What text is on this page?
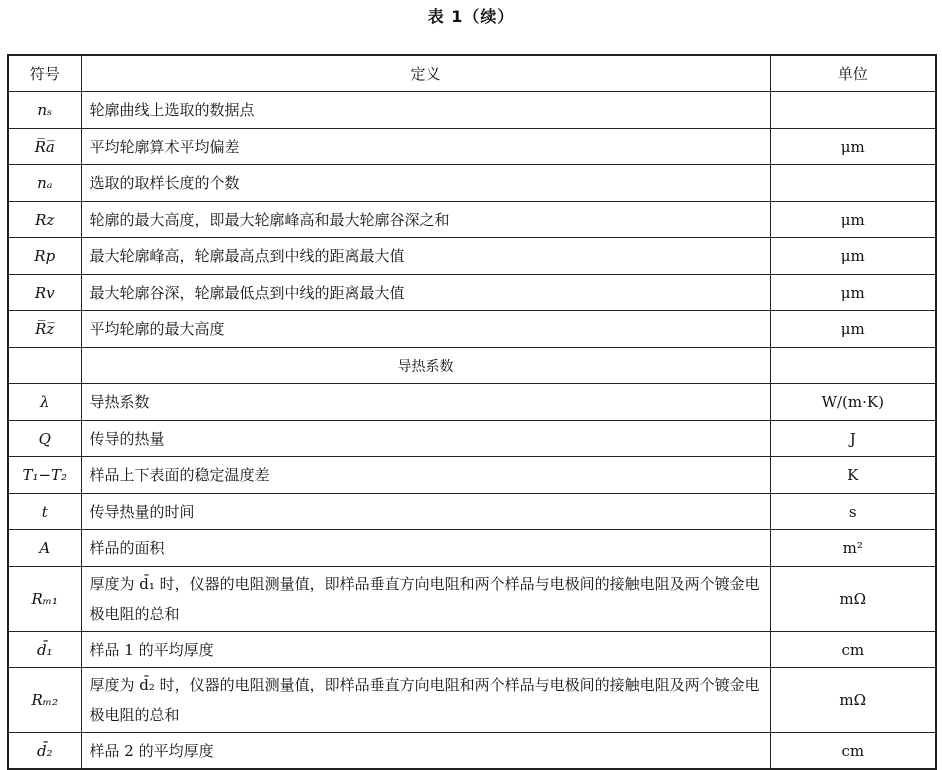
表 1（续）
符号	定义	单位
nₛ	轮廓曲线上选取的数据点	
R̅a̅	平均轮廓算术平均偏差	μm
nₐ	选取的取样长度的个数	
Rz	轮廓的最大高度，即最大轮廓峰高和最大轮廓谷深之和	μm
Rp	最大轮廓峰高，轮廓最高点到中线的距离最大值	μm
Rv	最大轮廓谷深，轮廓最低点到中线的距离最大值	μm
R̅z̅	平均轮廓的最大高度	μm
	导热系数	
λ	导热系数	W/(m·K)
Q	传导的热量	J
T₁−T₂	样品上下表面的稳定温度差	K
t	传导热量的时间	s
A	样品的面积	m²
Rₘ₁	厚度为 d̄₁ 时，仪器的电阻测量值，即样品垂直方向电阻和两个样品与电极间的接触电阻及两个镀金电极电阻的总和	mΩ
d̄₁	样品 1 的平均厚度	cm
Rₘ₂	厚度为 d̄₂ 时，仪器的电阻测量值，即样品垂直方向电阻和两个样品与电极间的接触电阻及两个镀金电极电阻的总和	mΩ
d̄₂	样品 2 的平均厚度	cm
